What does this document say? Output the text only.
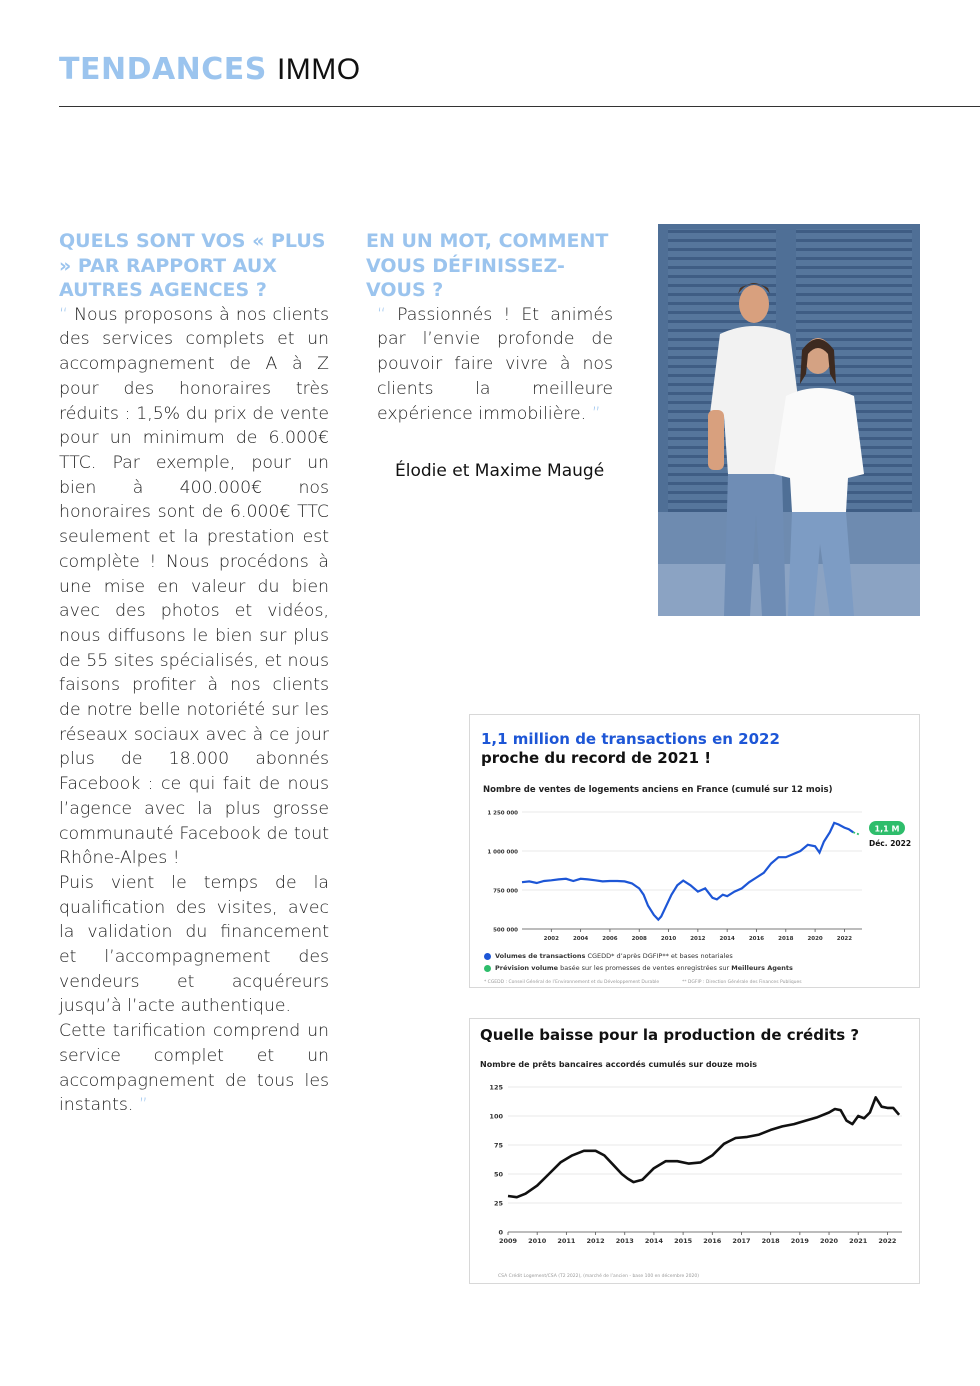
TENDANCES IMMO
QUELS SONT VOS « PLUS » PAR RAPPORT AUX AUTRES AGENCES ?
“ Nous proposons à nos clients des services complets et un accompagnement de A à Z pour des honoraires très réduits : 1,5% du prix de vente pour un minimum de 6.000€ TTC. Par exemple, pour un bien à 400.000€ nos honoraires sont de 6.000€ TTC seulement et la prestation est complète ! Nous procédons à une mise en valeur du bien avec des photos et vidéos, nous diffusons le bien sur plus de 55 sites spécialisés, et nous faisons profiter à nos clients de notre belle notoriété sur les réseaux sociaux avec à ce jour plus de 18.000 abonnés Facebook : ce qui fait de nous l’agence avec la plus grosse communauté Facebook de tout Rhône-Alpes !
Puis vient le temps de la qualification des visites, avec la validation du financement et l’accompagnement des vendeurs et acquéreurs jusqu’à l’acte authentique.
Cette tarification comprend un service complet et un accompagnement de tous les instants. ”
EN UN MOT, COMMENT VOUS DÉFINISSEZ-VOUS ?
“ Passionnés ! Et animés par l’envie profonde de pouvoir faire vivre à nos clients la meilleure expérience immobilière. ”
Élodie et Maxime Maugé
1,1 million de transactions en 2022
proche du record de 2021 !
Nombre de ventes de logements anciens en France (cumulé sur 12 mois)
500 000
750 000
1 000 000
1 250 000
2002	2004	2006	2008	2010	2012	2014	2016	2018	2020	2022
1,1 M
Déc. 2022
Volumes de transactions CGEDD* d’après DGFIP** et bases notariales
Prévision volume basée sur les promesses de ventes enregistrées sur Meilleurs Agents
* CGEDD : Conseil Général de l’Environnement et du Développement Durable	** DGFIP : Direction Générale des Finances Publiques
Quelle baisse pour la production de crédits ?
Nombre de prêts bancaires accordés cumulés sur douze mois
0
25
50
75
100
125
2009 2010 2011 2012 2013 2014 2015 2016 2017 2018 2019 2020 2021 2022
CSA Crédit Logement/CSA (T2 2022), (marché de l’ancien - base 100 en décembre 2020)
